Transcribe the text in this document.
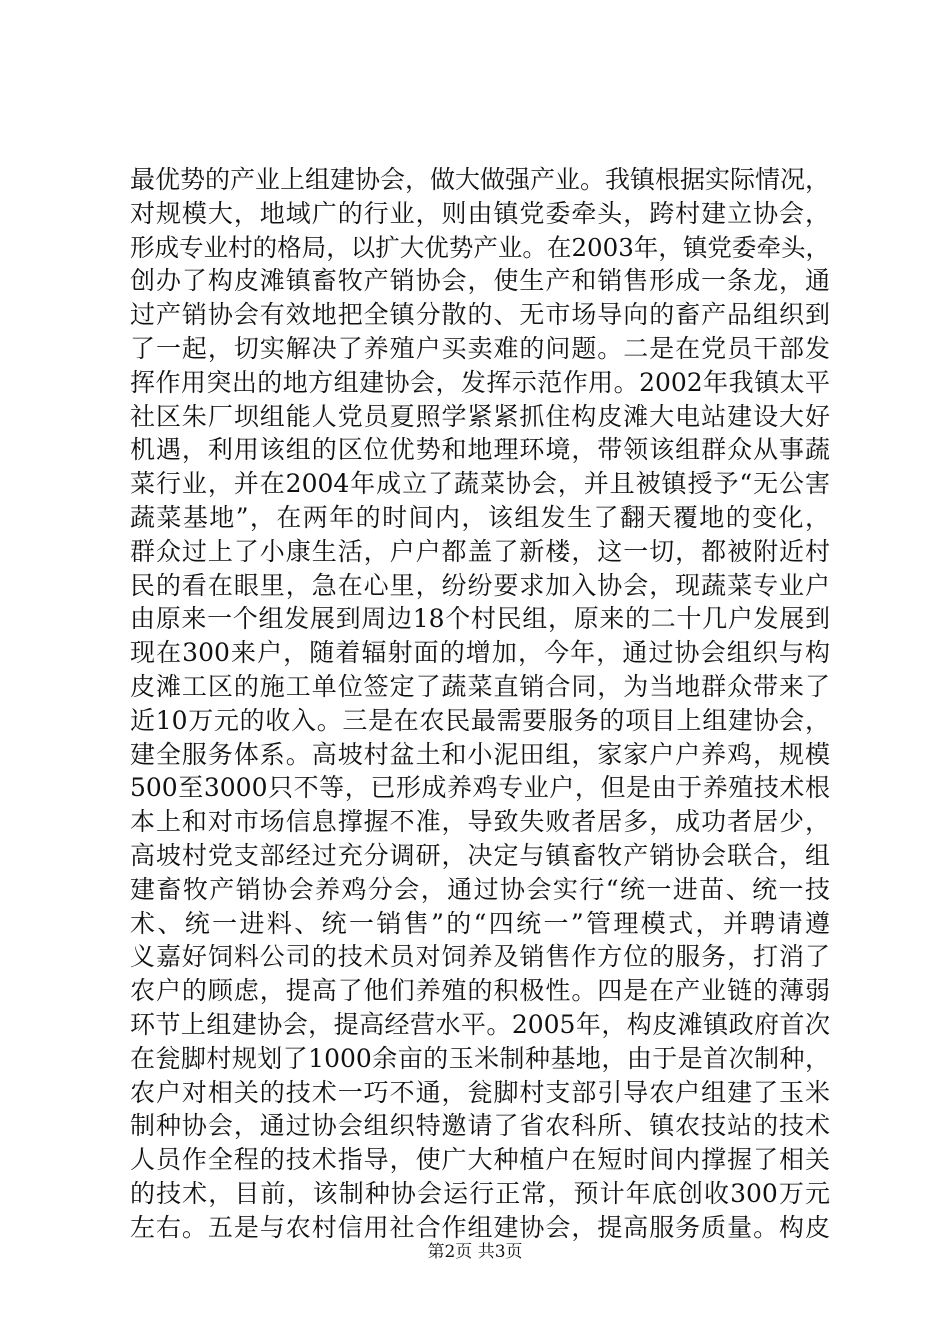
最优势的产业上组建协会，做大做强产业。我镇根据实际情况，
对规模大，地域广的行业，则由镇党委牵头，跨村建立协会，
形成专业村的格局，以扩大优势产业。在2003年，镇党委牵头，
创办了构皮滩镇畜牧产销协会，使生产和销售形成一条龙，通
过产销协会有效地把全镇分散的、无市场导向的畜产品组织到
了一起，切实解决了养殖户买卖难的问题。二是在党员干部发
挥作用突出的地方组建协会，发挥示范作用。2002年我镇太平
社区朱厂坝组能人党员夏照学紧紧抓住构皮滩大电站建设大好
机遇，利用该组的区位优势和地理环境，带领该组群众从事蔬
菜行业，并在2004年成立了蔬菜协会，并且被镇授予“无公害
蔬菜基地”，在两年的时间内，该组发生了翻天覆地的变化，
群众过上了小康生活，户户都盖了新楼，这一切，都被附近村
民的看在眼里，急在心里，纷纷要求加入协会，现蔬菜专业户
由原来一个组发展到周边18个村民组，原来的二十几户发展到
现在300来户，随着辐射面的增加，今年，通过协会组织与构
皮滩工区的施工单位签定了蔬菜直销合同，为当地群众带来了
近10万元的收入。三是在农民最需要服务的项目上组建协会，
建全服务体系。高坡村盆土和小泥田组，家家户户养鸡，规模
500至3000只不等，已形成养鸡专业户，但是由于养殖技术根
本上和对市场信息撑握不准，导致失败者居多，成功者居少，
高坡村党支部经过充分调研，决定与镇畜牧产销协会联合，组
建畜牧产销协会养鸡分会，通过协会实行“统一进苗、统一技
术、统一进料、统一销售”的“四统一”管理模式，并聘请遵
义嘉好饲料公司的技术员对饲养及销售作方位的服务，打消了
农户的顾虑，提高了他们养殖的积极性。四是在产业链的薄弱
环节上组建协会，提高经营水平。2005年，构皮滩镇政府首次
在瓮脚村规划了1000余亩的玉米制种基地，由于是首次制种，
农户对相关的技术一巧不通，瓮脚村支部引导农户组建了玉米
制种协会，通过协会组织特邀请了省农科所、镇农技站的技术
人员作全程的技术指导，使广大种植户在短时间内撑握了相关
的技术，目前，该制种协会运行正常，预计年底创收300万元
左右。五是与农村信用社合作组建协会，提高服务质量。构皮
第2页 共3页
